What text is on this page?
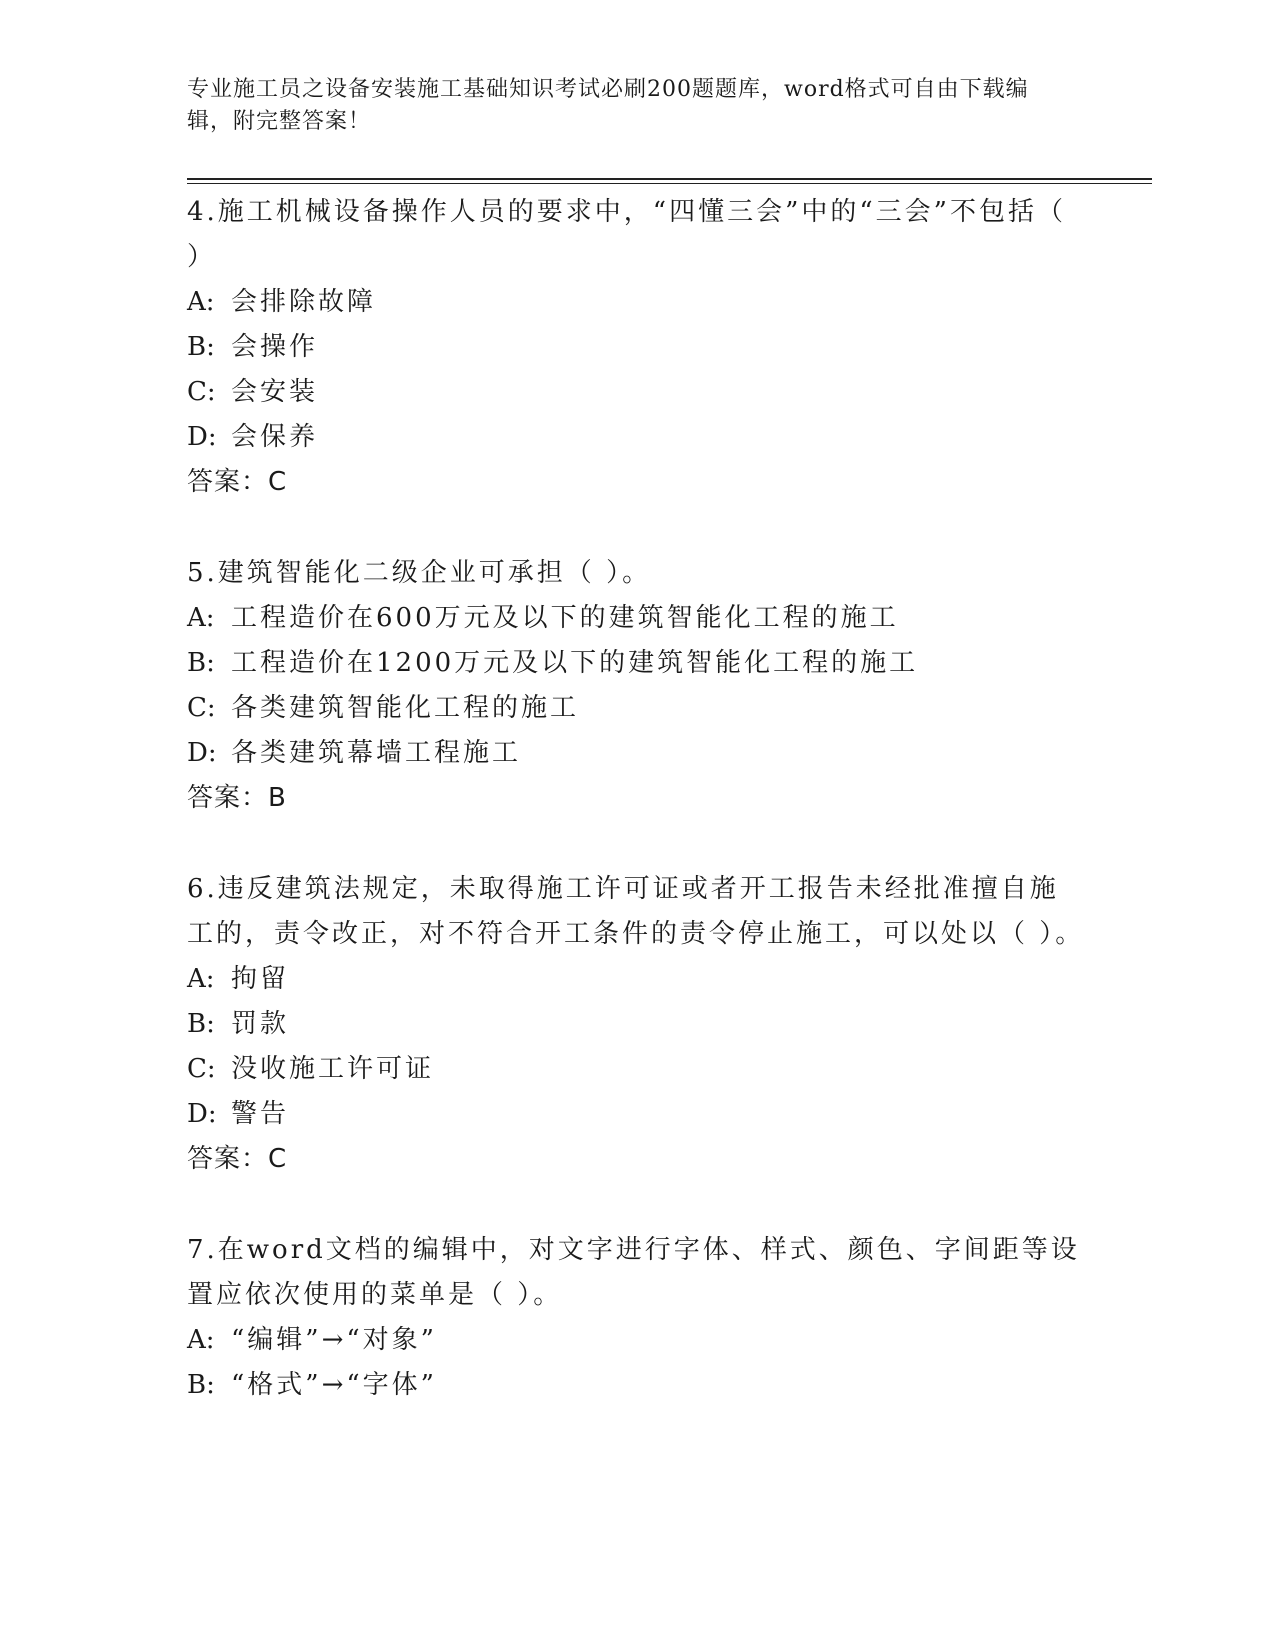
专业施工员之设备安装施工基础知识考试必刷200题题库，word格式可自由下载编辑，附完整答案！

4.施工机械设备操作人员的要求中，“四懂三会”中的“三会”不包括（ ）

A: 会排除故障

B: 会操作

C: 会安装

D: 会保养

答案：C

5.建筑智能化二级企业可承担（ ）。

A: 工程造价在600万元及以下的建筑智能化工程的施工

B: 工程造价在1200万元及以下的建筑智能化工程的施工

C: 各类建筑智能化工程的施工

D: 各类建筑幕墙工程施工

答案：B

6.违反建筑法规定，未取得施工许可证或者开工报告未经批准擅自施工的，责令改正，对不符合开工条件的责令停止施工，可以处以（ ）。

A: 拘留

B: 罚款

C: 没收施工许可证

D: 警告

答案：C

7.在word文档的编辑中，对文字进行字体、样式、颜色、字间距等设置应依次使用的菜单是（ ）。

A: “编辑”→“对象”

B: “格式”→“字体”
